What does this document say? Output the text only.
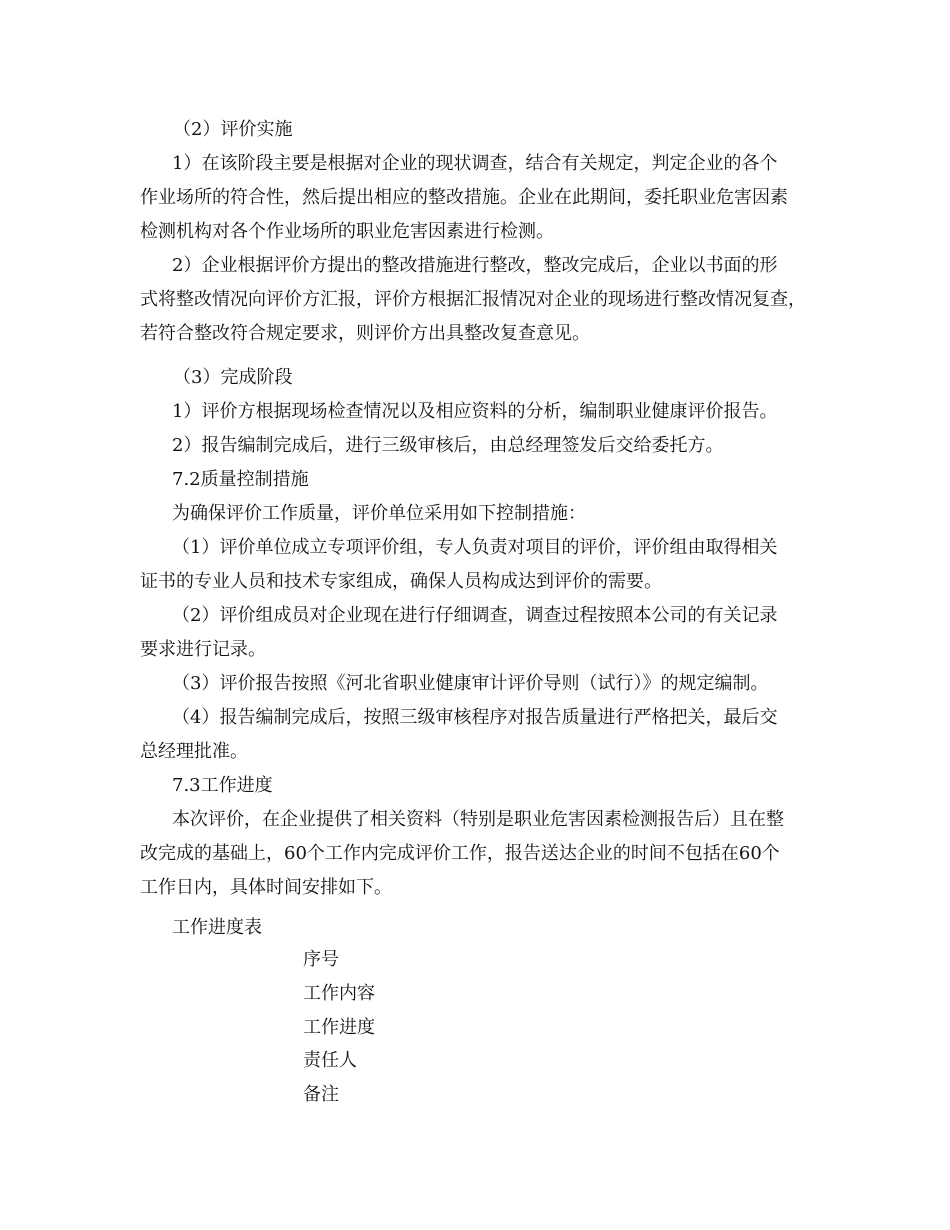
（2）评价实施
1）在该阶段主要是根据对企业的现状调查，结合有关规定，判定企业的各个
作业场所的符合性，然后提出相应的整改措施。企业在此期间，委托职业危害因素
检测机构对各个作业场所的职业危害因素进行检测。
2）企业根据评价方提出的整改措施进行整改，整改完成后，企业以书面的形
式将整改情况向评价方汇报，评价方根据汇报情况对企业的现场进行整改情况复查，
若符合整改符合规定要求，则评价方出具整改复查意见。
（3）完成阶段
1）评价方根据现场检查情况以及相应资料的分析，编制职业健康评价报告。
2）报告编制完成后，进行三级审核后，由总经理签发后交给委托方。
7.2质量控制措施
为确保评价工作质量，评价单位采用如下控制措施：
（1）评价单位成立专项评价组，专人负责对项目的评价，评价组由取得相关
证书的专业人员和技术专家组成，确保人员构成达到评价的需要。
（2）评价组成员对企业现在进行仔细调查，调查过程按照本公司的有关记录
要求进行记录。
（3）评价报告按照《河北省职业健康审计评价导则（试行）》的规定编制。
（4）报告编制完成后，按照三级审核程序对报告质量进行严格把关，最后交
总经理批准。
7.3工作进度
本次评价，在企业提供了相关资料（特别是职业危害因素检测报告后）且在整
改完成的基础上，60个工作内完成评价工作，报告送达企业的时间不包括在60个
工作日内，具体时间安排如下。
工作进度表
序号
工作内容
工作进度
责任人
备注
